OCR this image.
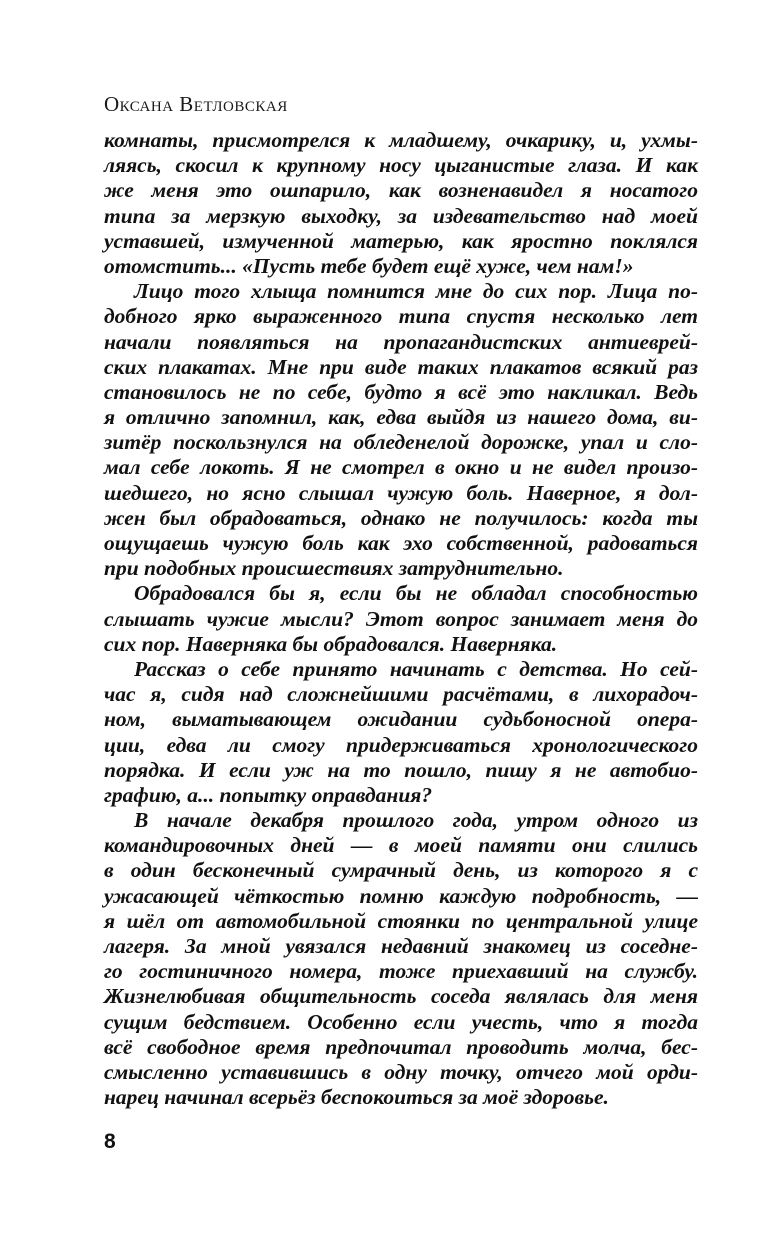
Оксана Ветловская
комнаты, присмотрелся к младшему, очкарику, и, ухмы-
ляясь, скосил к крупному носу цыганистые глаза. И как
же меня это ошпарило, как возненавидел я носатого
типа за мерзкую выходку, за издевательство над моей
уставшей, измученной матерью, как яростно поклялся
отомстить... «Пусть тебе будет ещё хуже, чем нам!»
Лицо того хлыща помнится мне до сих пор. Лица по-
добного ярко выраженного типа спустя несколько лет
начали появляться на пропагандистских антиеврей-
ских плакатах. Мне при виде таких плакатов всякий раз
становилось не по себе, будто я всё это накликал. Ведь
я отлично запомнил, как, едва выйдя из нашего дома, ви-
зитёр поскользнулся на обледенелой дорожке, упал и сло-
мал себе локоть. Я не смотрел в окно и не видел произо-
шедшего, но ясно слышал чужую боль. Наверное, я дол-
жен был обрадоваться, однако не получилось: когда ты
ощущаешь чужую боль как эхо собственной, радоваться
при подобных происшествиях затруднительно.
Обрадовался бы я, если бы не обладал способностью
слышать чужие мысли? Этот вопрос занимает меня до
сих пор. Наверняка бы обрадовался. Наверняка.
Рассказ о себе принято начинать с детства. Но сей-
час я, сидя над сложнейшими расчётами, в лихорадоч-
ном, выматывающем ожидании судьбоносной опера-
ции, едва ли смогу придерживаться хронологического
порядка. И если уж на то пошло, пишу я не автобио-
графию, а... попытку оправдания?
В начале декабря прошлого года, утром одного из
командировочных дней — в моей памяти они слились
в один бесконечный сумрачный день, из которого я с
ужасающей чёткостью помню каждую подробность, —
я шёл от автомобильной стоянки по центральной улице
лагеря. За мной увязался недавний знакомец из соседне-
го гостиничного номера, тоже приехавший на службу.
Жизнелюбивая общительность соседа являлась для меня
сущим бедствием. Особенно если учесть, что я тогда
всё свободное время предпочитал проводить молча, бес-
смысленно уставившись в одну точку, отчего мой орди-
нарец начинал всерьёз беспокоиться за моё здоровье.
8
